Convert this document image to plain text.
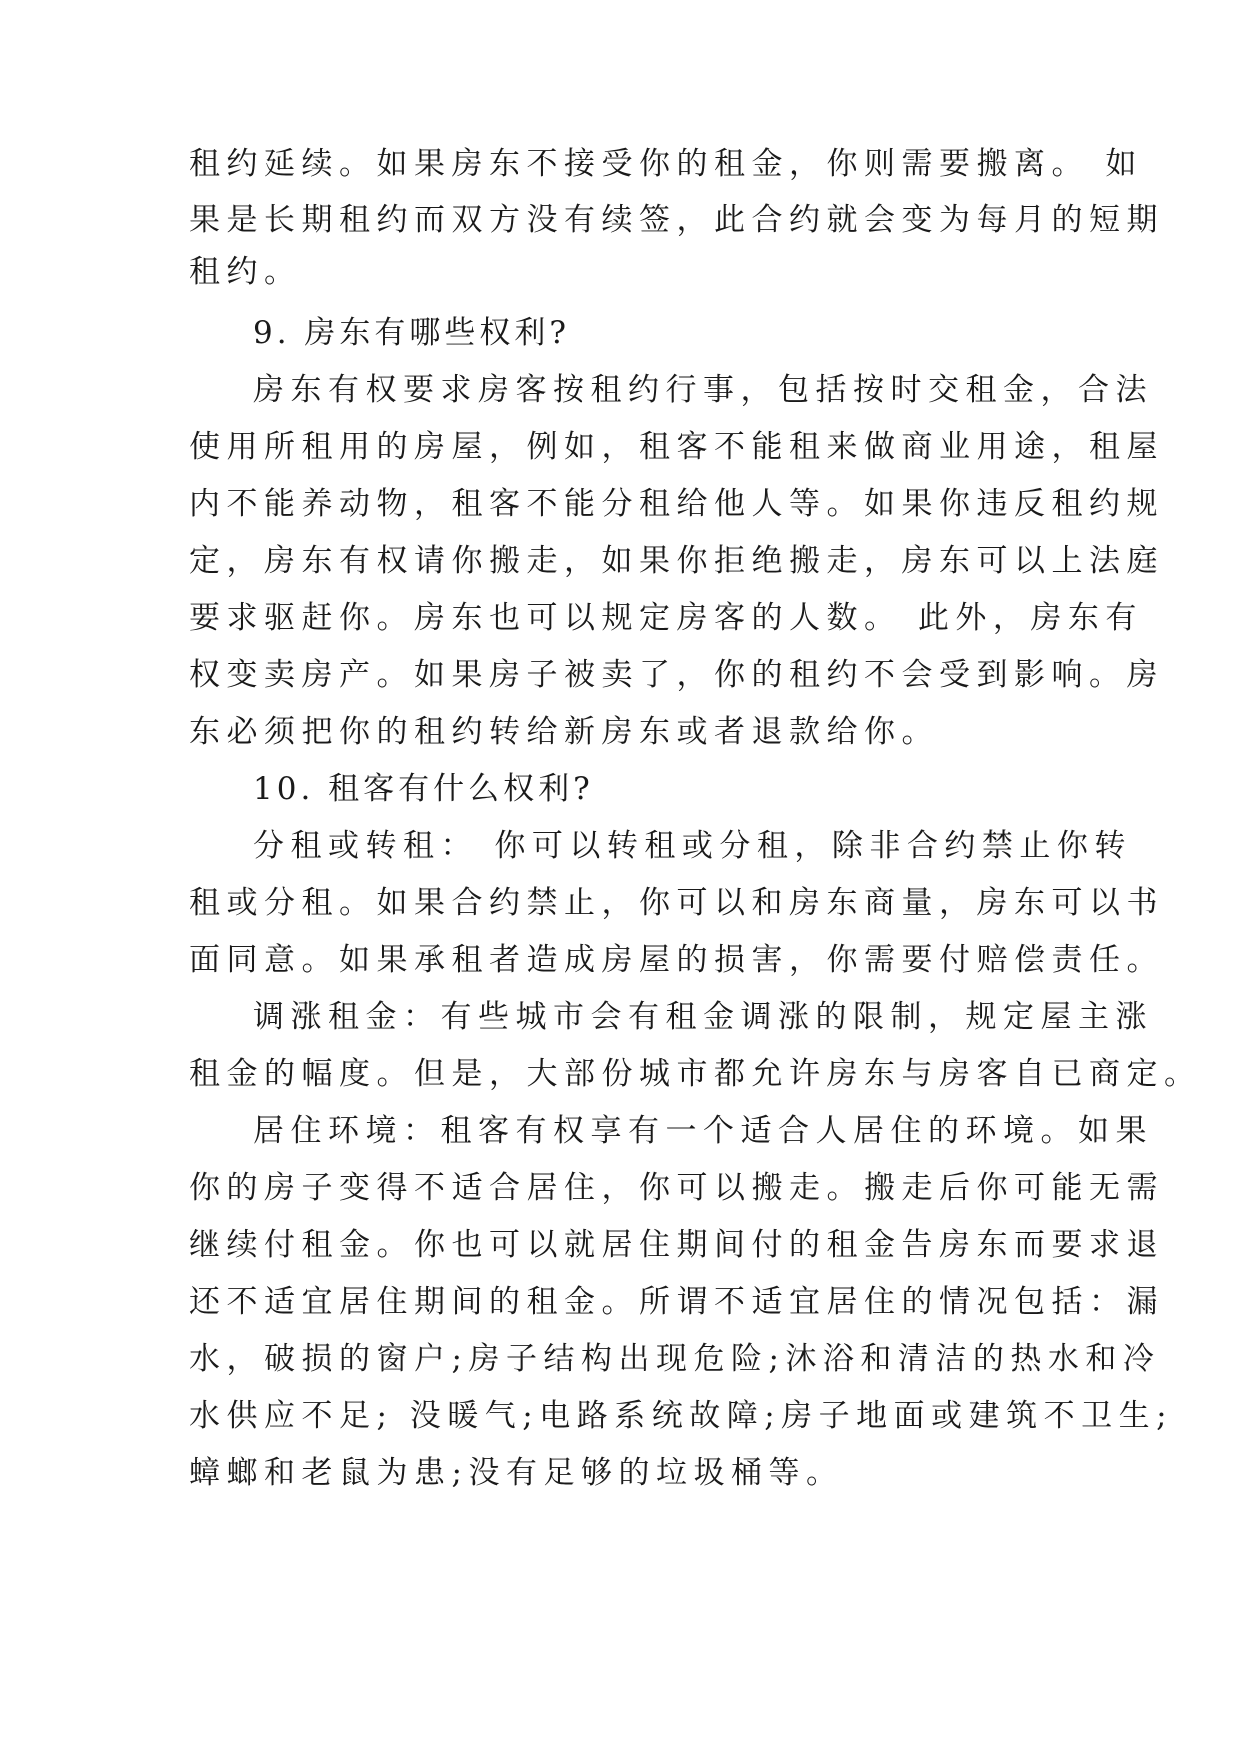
租约延续。如果房东不接受你的租金，你则需要搬离。 如
果是长期租约而双方没有续签，此合约就会变为每月的短期
租约。
9. 房东有哪些权利?
房东有权要求房客按租约行事，包括按时交租金，合法
使用所租用的房屋，例如，租客不能租来做商业用途，租屋
内不能养动物，租客不能分租给他人等。如果你违反租约规
定，房东有权请你搬走，如果你拒绝搬走，房东可以上法庭
要求驱赶你。房东也可以规定房客的人数。 此外，房东有
权变卖房产。如果房子被卖了，你的租约不会受到影响。房
东必须把你的租约转给新房东或者退款给你。
10. 租客有什么权利?
分租或转租： 你可以转租或分租，除非合约禁止你转
租或分租。如果合约禁止，你可以和房东商量，房东可以书
面同意。如果承租者造成房屋的损害，你需要付赔偿责任。
调涨租金：有些城市会有租金调涨的限制，规定屋主涨
租金的幅度。但是，大部份城市都允许房东与房客自已商定。
居住环境：租客有权享有一个适合人居住的环境。如果
你的房子变得不适合居住，你可以搬走。搬走后你可能无需
继续付租金。你也可以就居住期间付的租金告房东而要求退
还不适宜居住期间的租金。所谓不适宜居住的情况包括：漏
水，破损的窗户;房子结构出现危险;沐浴和清洁的热水和冷
水供应不足; 没暖气;电路系统故障;房子地面或建筑不卫生;
蟑螂和老鼠为患;没有足够的垃圾桶等。
